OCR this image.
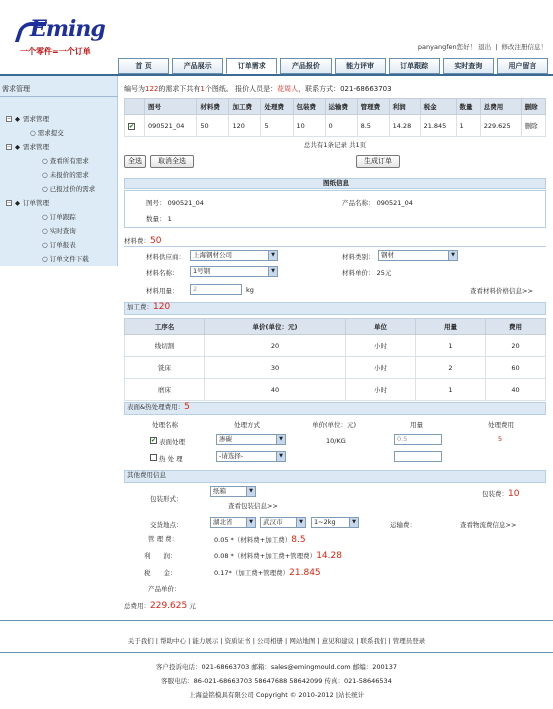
Eming
一个零件=一个订单	panyangfen您好！ 退出 | 修改注册信息！
首 页	产品展示	订单需求	产品报价	能力评审	订单跟踪	实时查询	用户留言
需求管理
− ◆ 需求管理
○ 需求提交
− ◆ 需求管理
○ 查看所有需求
○ 未报价的需求
○ 已报过价的需求
− ◆ 订单管理
○ 订单跟踪
○ 实时查询
○ 订单报表
○ 订单文件下载
编号为122的需求下共有1个图纸。 报价人员是：花周人，联系方式：021-68663703
	图号	材料费	加工费	处理费	包装费	运输费	管理费	利润	税金	数量	总费用	删除
✔	090521_04	50	120	5	10	0	8.5	14.28	21.845	1	229.625	删除
总共有1条记录 共1页
全选	取消全选	生成订单
图纸信息
图号： 090521_04	产品名称： 090521_04
数量： 1
材料费：50
材料供应商：	上海钢材公司	▼	材料类别：	钢材	▼
材料名称：	1号钢	▼	材料单价： 25元
材料用量：	2	kg	查看材料价格信息>>
加工费：120
工序名	单价(单位：元)	单位	用量	费用
线切割	20	小时	1	20
铣床	30	小时	2	60
磨床	40	小时	1	40
表面&热处理费用：5
处理名称	处理方式	单价(单位：元)	用量	处理费用
✔ 表面处理	渗碳	▼	10/KG	0.5	5
热 处 理	-请选择-	▼
其他费用信息
包装形式：
纸箱	▼
查看包装信息>>
包装费：10
交货地点：	湖北省	▼	武汉市	▼	1~2kg	▼	运输费：	查看物流费信息>>
管 理 费：	0.05 *（材料费+加工费）8.5
利　　润：	0.08 *（材料费+加工费+管理费）14.28
税　　金：	0.17*（加工费+管理费）21.845
产品单价：
总费用：229.625 元
关于我们 | 帮助中心 | 能力展示 | 资质证书 | 公司相册 | 网站地图 | 意见和建议 | 联系我们 | 管理员登录
客户投诉电话：021-68663703 邮箱：sales@emingmould.com 邮编：200137
客服电话：86-021-68663703 58647688 58642099 传真：021-58646534
上海益铭模具有限公司 Copyright © 2010-2012 |站长统计
